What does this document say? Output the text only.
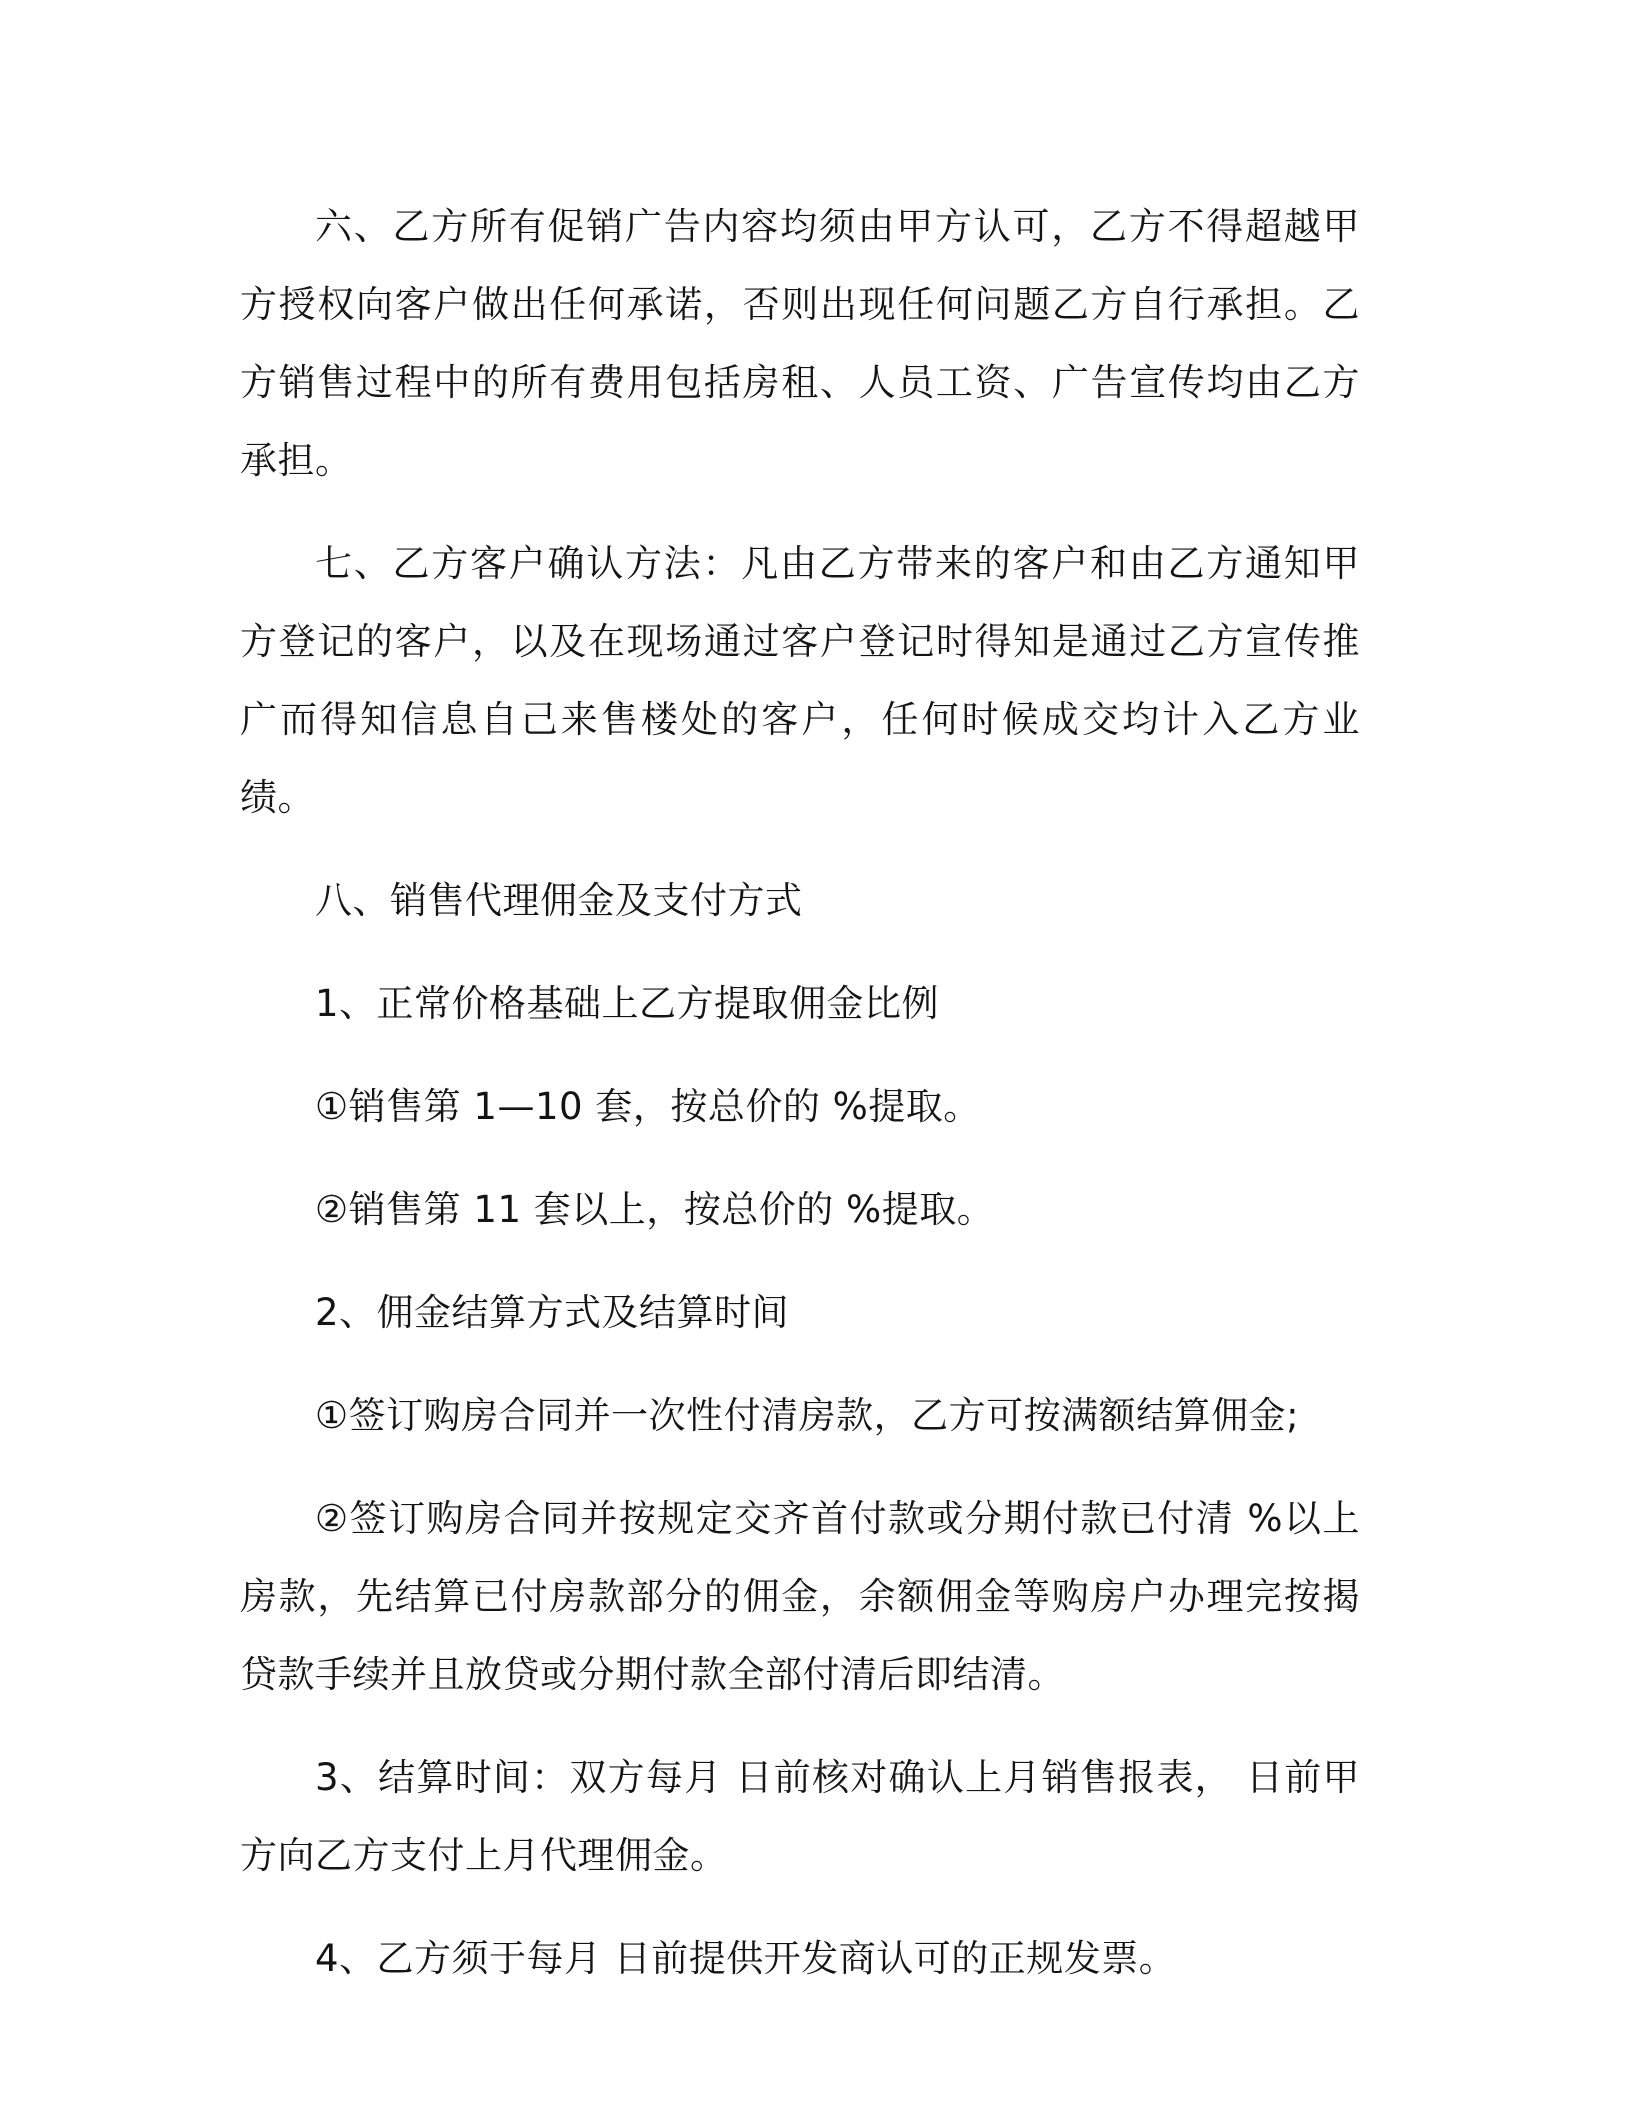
六、乙方所有促销广告内容均须由甲方认可，乙方不得超越甲方授权向客户做出任何承诺，否则出现任何问题乙方自行承担。乙方销售过程中的所有费用包括房租、人员工资、广告宣传均由乙方承担。

七、乙方客户确认方法：凡由乙方带来的客户和由乙方通知甲方登记的客户，以及在现场通过客户登记时得知是通过乙方宣传推广而得知信息自己来售楼处的客户，任何时候成交均计入乙方业绩。

八、销售代理佣金及支付方式

1、正常价格基础上乙方提取佣金比例

①销售第 1—10 套，按总价的 %提取。

②销售第 11 套以上，按总价的 %提取。

2、佣金结算方式及结算时间

①签订购房合同并一次性付清房款，乙方可按满额结算佣金;

②签订购房合同并按规定交齐首付款或分期付款已付清 %以上房款，先结算已付房款部分的佣金，余额佣金等购房户办理完按揭贷款手续并且放贷或分期付款全部付清后即结清。

3、结算时间：双方每月 日前核对确认上月销售报表， 日前甲方向乙方支付上月代理佣金。

4、乙方须于每月 日前提供开发商认可的正规发票。
